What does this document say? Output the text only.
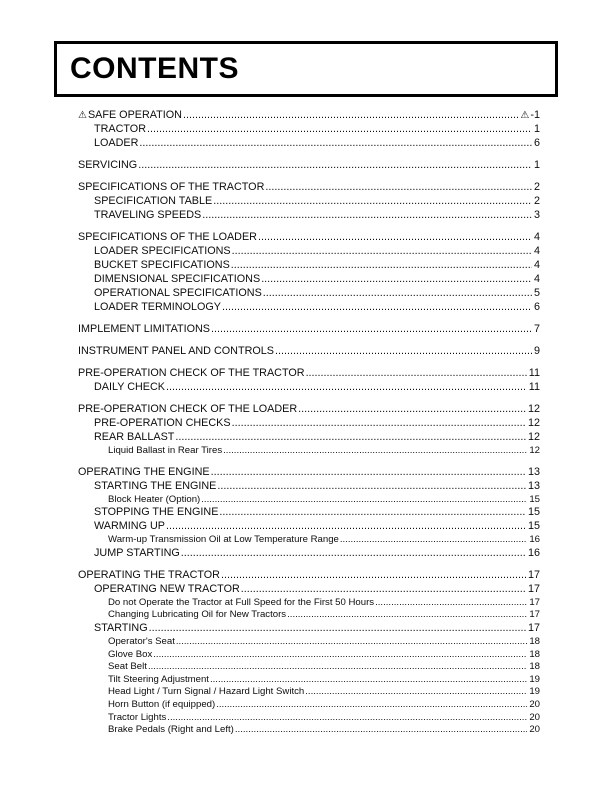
CONTENTS
⚠SAFE OPERATION .....	⚠-1
TRACTOR .....	1
LOADER .....	6
SERVICING .....	1
SPECIFICATIONS OF THE TRACTOR .....	2
SPECIFICATION TABLE .....	2
TRAVELING SPEEDS .....	3
SPECIFICATIONS OF THE LOADER .....	4
LOADER SPECIFICATIONS .....	4
BUCKET SPECIFICATIONS .....	4
DIMENSIONAL SPECIFICATIONS .....	4
OPERATIONAL SPECIFICATIONS .....	5
LOADER TERMINOLOGY .....	6
IMPLEMENT LIMITATIONS .....	7
INSTRUMENT PANEL AND CONTROLS .....	9
PRE-OPERATION CHECK OF THE TRACTOR .....	11
DAILY CHECK .....	11
PRE-OPERATION CHECK OF THE LOADER .....	12
PRE-OPERATION CHECKS .....	12
REAR BALLAST .....	12
Liquid Ballast in Rear Tires .....	12
OPERATING THE ENGINE .....	13
STARTING THE ENGINE .....	13
Block Heater (Option) .....	15
STOPPING THE ENGINE .....	15
WARMING UP .....	15
Warm-up Transmission Oil at Low Temperature Range .....	16
JUMP STARTING .....	16
OPERATING THE TRACTOR .....	17
OPERATING NEW TRACTOR .....	17
Do not Operate the Tractor at Full Speed for the First 50 Hours .....	17
Changing Lubricating Oil for New Tractors .....	17
STARTING .....	17
Operator's Seat .....	18
Glove Box .....	18
Seat Belt .....	18
Tilt Steering Adjustment .....	19
Head Light / Turn Signal / Hazard Light Switch .....	19
Horn Button (if equipped) .....	20
Tractor Lights .....	20
Brake Pedals (Right and Left) .....	20
